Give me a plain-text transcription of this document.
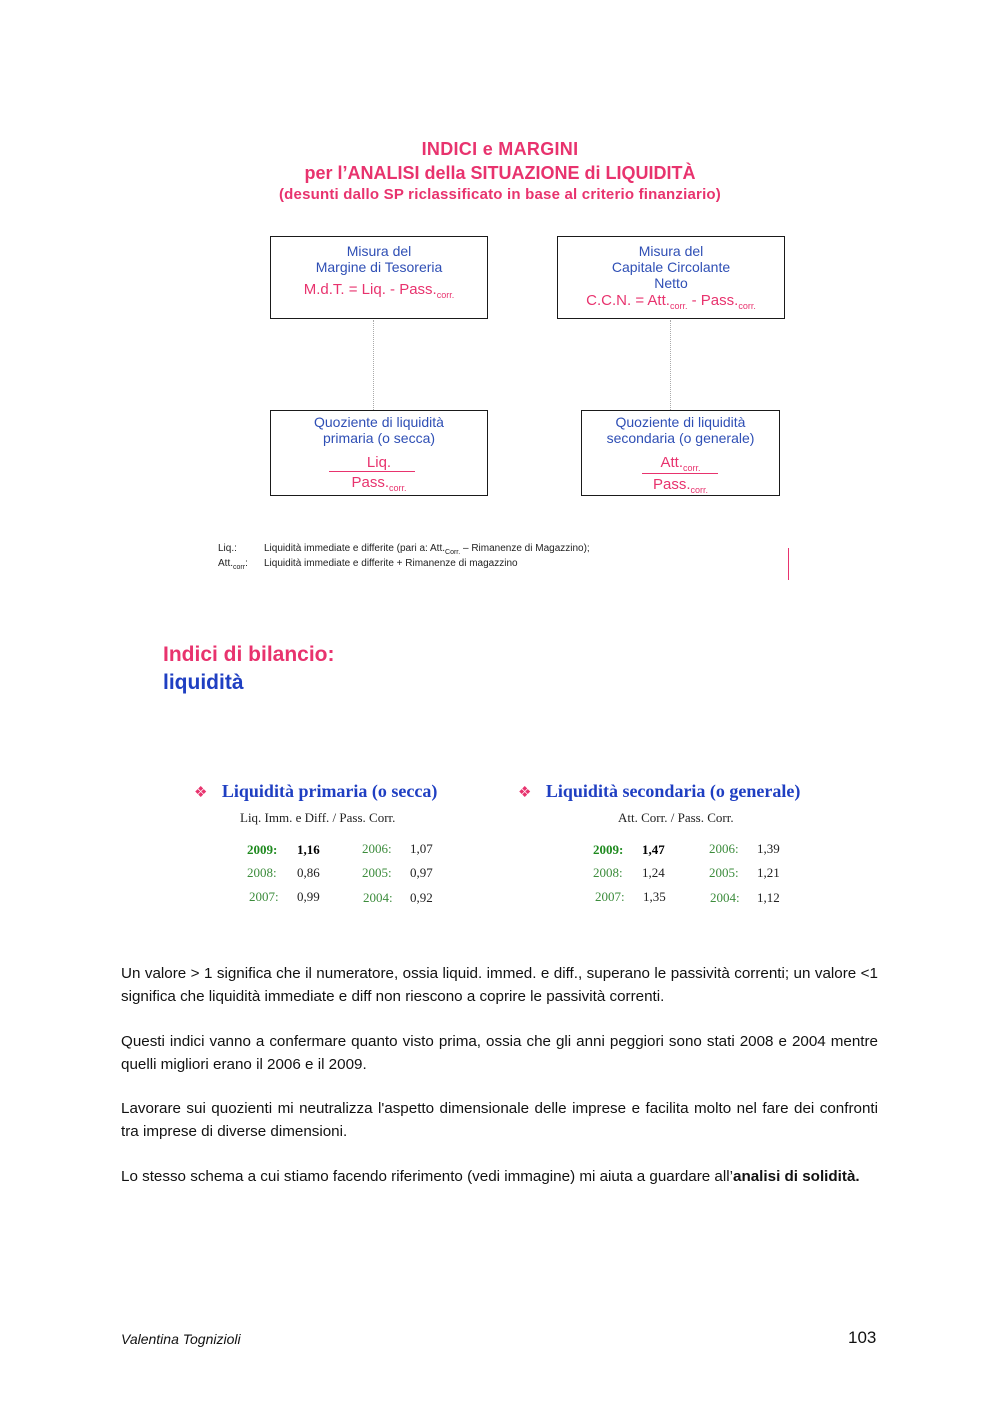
INDICI e MARGINI
per l’ANALISI della SITUAZIONE di LIQUIDITÀ
(desunti dallo SP riclassificato in base al criterio finanziario)
Misura del
Margine di Tesoreria
M.d.T. = Liq. - $Pass._{corr.}$
Misura del
Capitale Circolante
Netto
C.C.N. = $Att._{corr.}$ - $Pass._{corr.}$
Quoziente di liquidità
primaria (o secca)
Liq.
$Pass._{corr.}$
Quoziente di liquidità
secondaria (o generale)
$Att._{corr.}$
$Pass._{corr.}$
Liq.:	Liquidità immediate e differite (pari a: $Att._{Corr.}$ – Rimanenze di Magazzino);
$Att._{corr}$: Liquidità immediate e differite + Rimanenze di magazzino
Indici di bilancio:
liquidità
❖ Liquidità primaria (o secca)
Liq. Imm. e Diff. / Pass. Corr.
2009: 1,16	2006: 1,07
2008: 0,86	2005: 0,97
2007: 0,99	2004: 0,92
❖ Liquidità secondaria (o generale)
Att. Corr. / Pass. Corr.
2009: 1,47	2006: 1,39
2008: 1,24	2005: 1,21
2007: 1,35	2004: 1,12
Un valore > 1 significa che il numeratore, ossia liquid. immed. e diff., superano le passività correnti; un valore <1 significa che liquidità immediate e diff non riescono a coprire le passività correnti.
Questi indici vanno a confermare quanto visto prima, ossia che gli anni peggiori sono stati 2008 e 2004 mentre quelli migliori erano il 2006 e il 2009.
Lavorare sui quozienti mi neutralizza l'aspetto dimensionale delle imprese e facilita molto nel fare dei confronti tra imprese di diverse dimensioni.
Lo stesso schema a cui stiamo facendo riferimento (vedi immagine) mi aiuta a guardare all’analisi di solidità.
Valentina Tognizioli	103
